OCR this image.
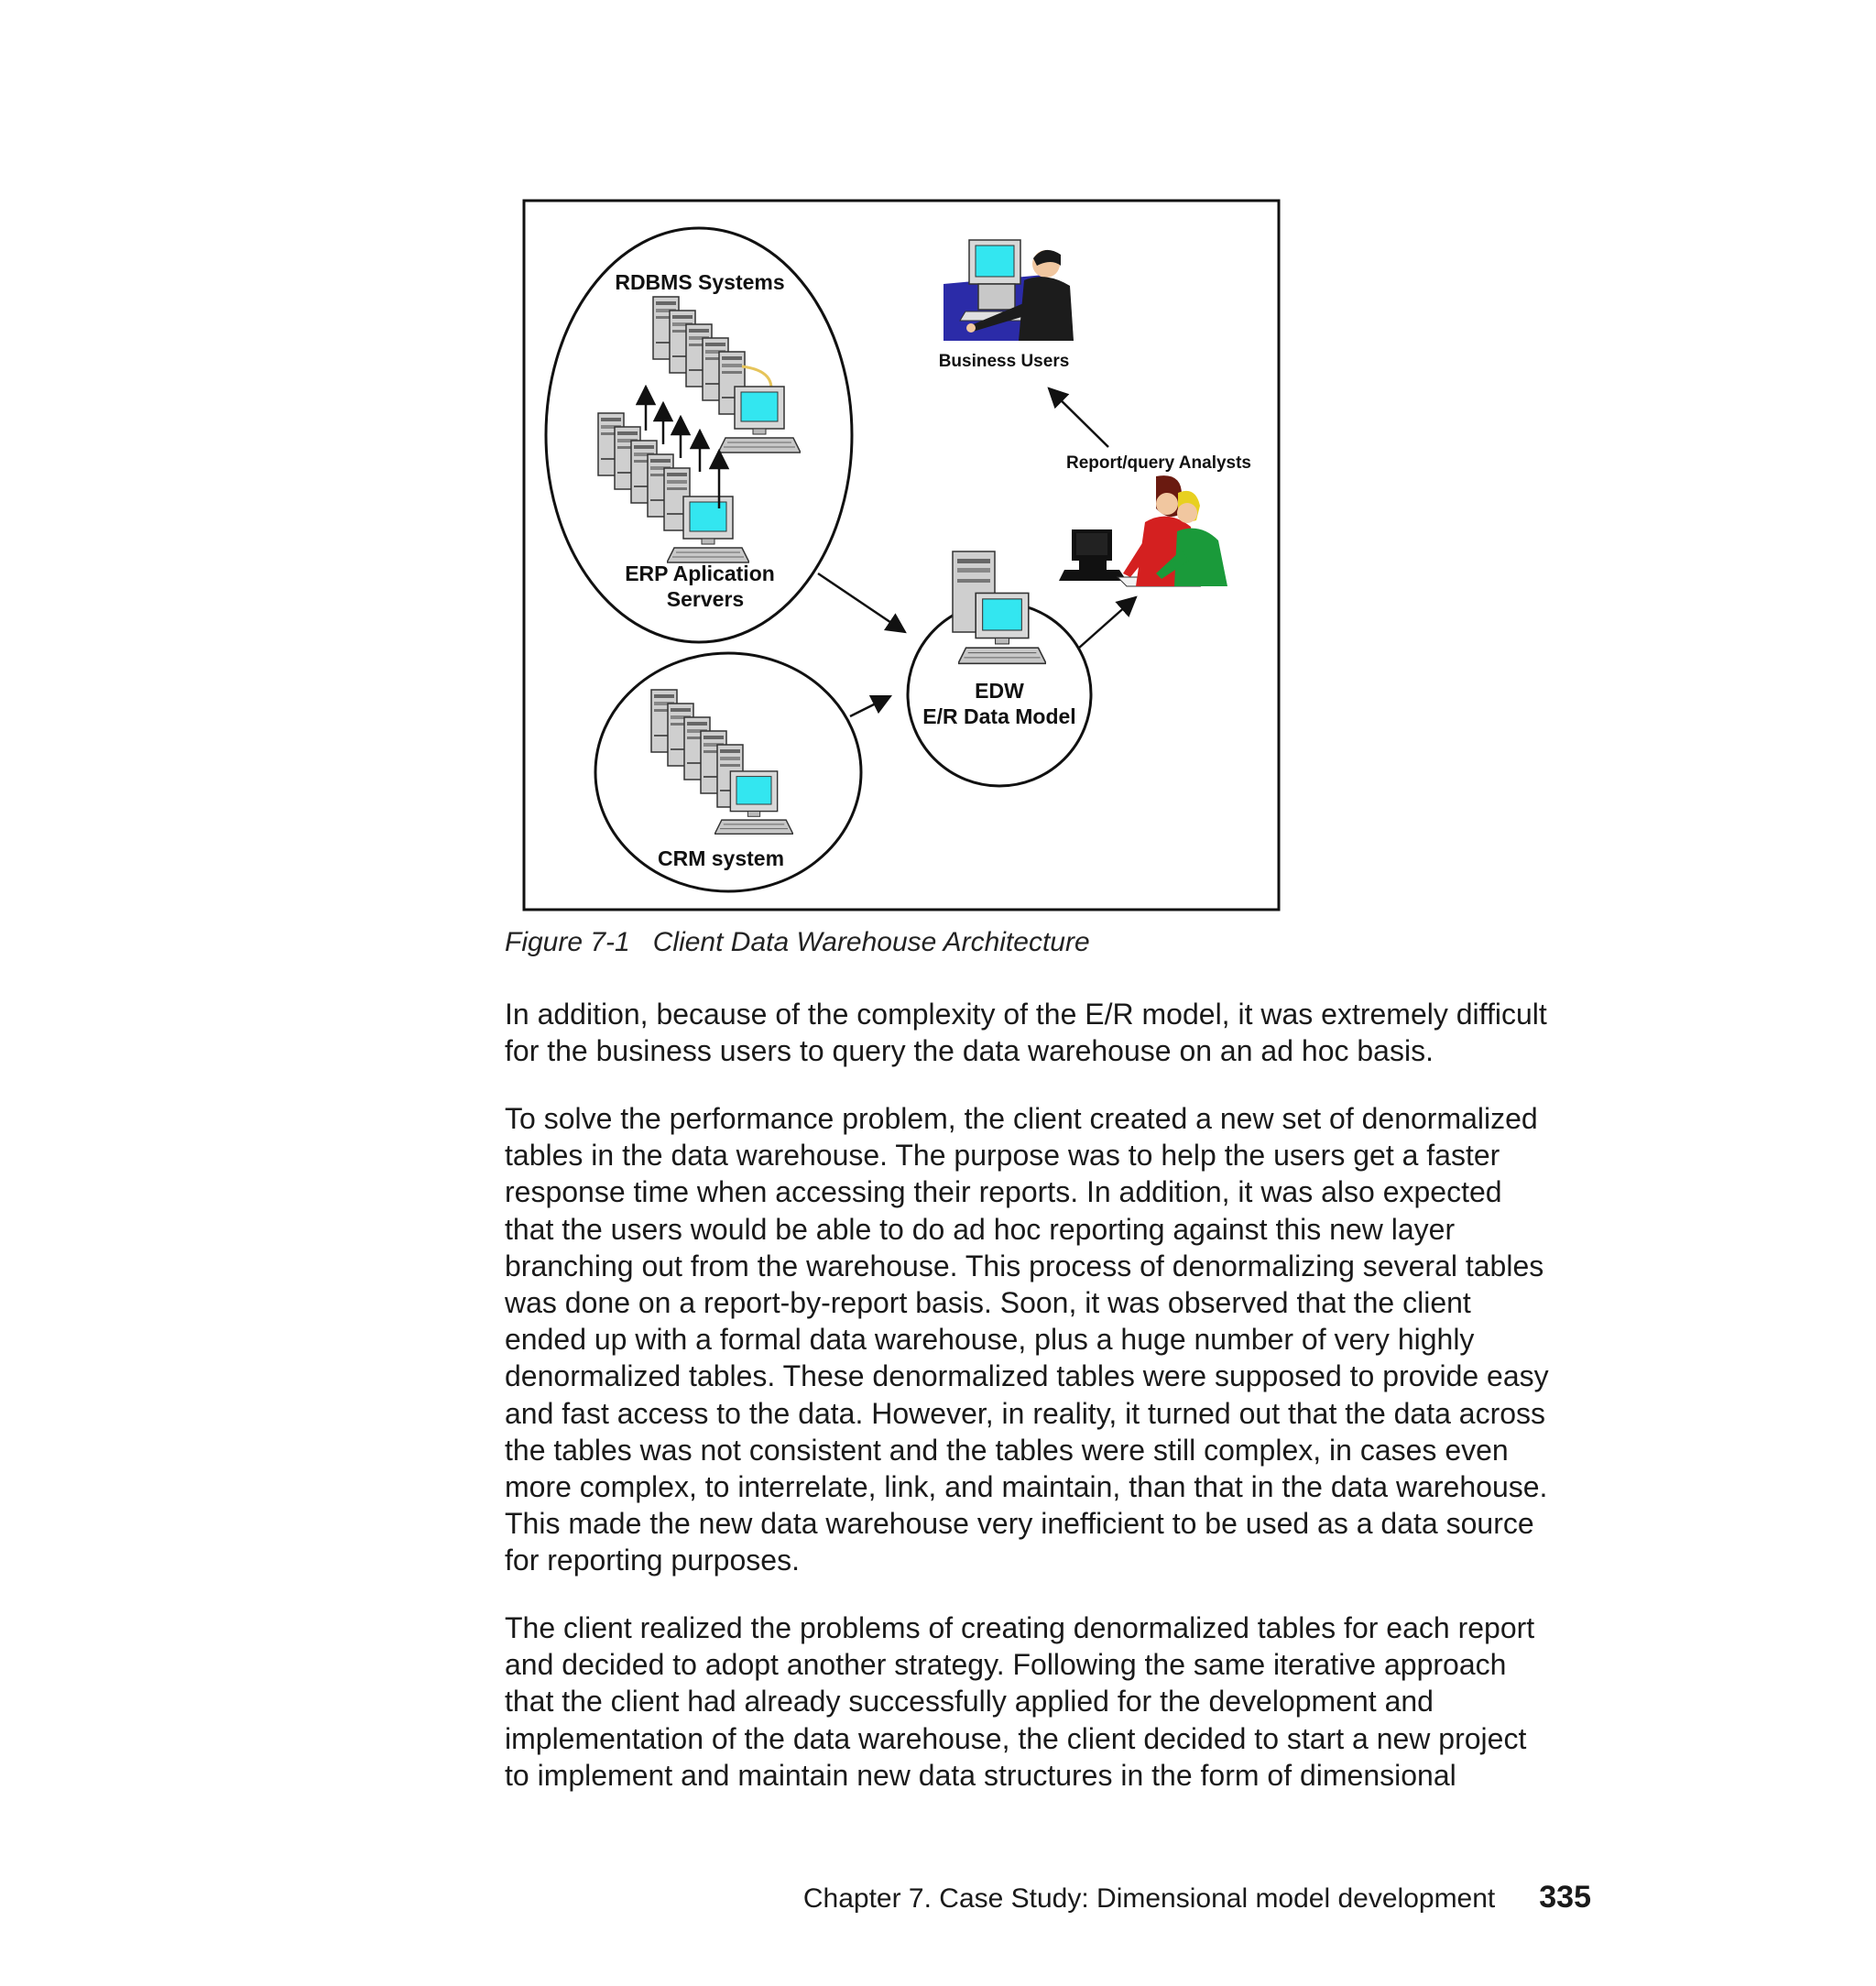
RDBMS Systems
ERP Aplication
Servers
CRM system
EDW
E/R Data Model
Business Users
Report/query Analysts
Figure 7-1 Client Data Warehouse Architecture
In addition, because of the complexity of the E/R model, it was extremely difficult
for the business users to query the data warehouse on an ad hoc basis.
To solve the performance problem, the client created a new set of denormalized
tables in the data warehouse. The purpose was to help the users get a faster
response time when accessing their reports. In addition, it was also expected
that the users would be able to do ad hoc reporting against this new layer
branching out from the warehouse. This process of denormalizing several tables
was done on a report-by-report basis. Soon, it was observed that the client
ended up with a formal data warehouse, plus a huge number of very highly
denormalized tables. These denormalized tables were supposed to provide easy
and fast access to the data. However, in reality, it turned out that the data across
the tables was not consistent and the tables were still complex, in cases even
more complex, to interrelate, link, and maintain, than that in the data warehouse.
This made the new data warehouse very inefficient to be used as a data source
for reporting purposes.
The client realized the problems of creating denormalized tables for each report
and decided to adopt another strategy. Following the same iterative approach
that the client had already successfully applied for the development and
implementation of the data warehouse, the client decided to start a new project
to implement and maintain new data structures in the form of dimensional
Chapter 7. Case Study: Dimensional model development 335
